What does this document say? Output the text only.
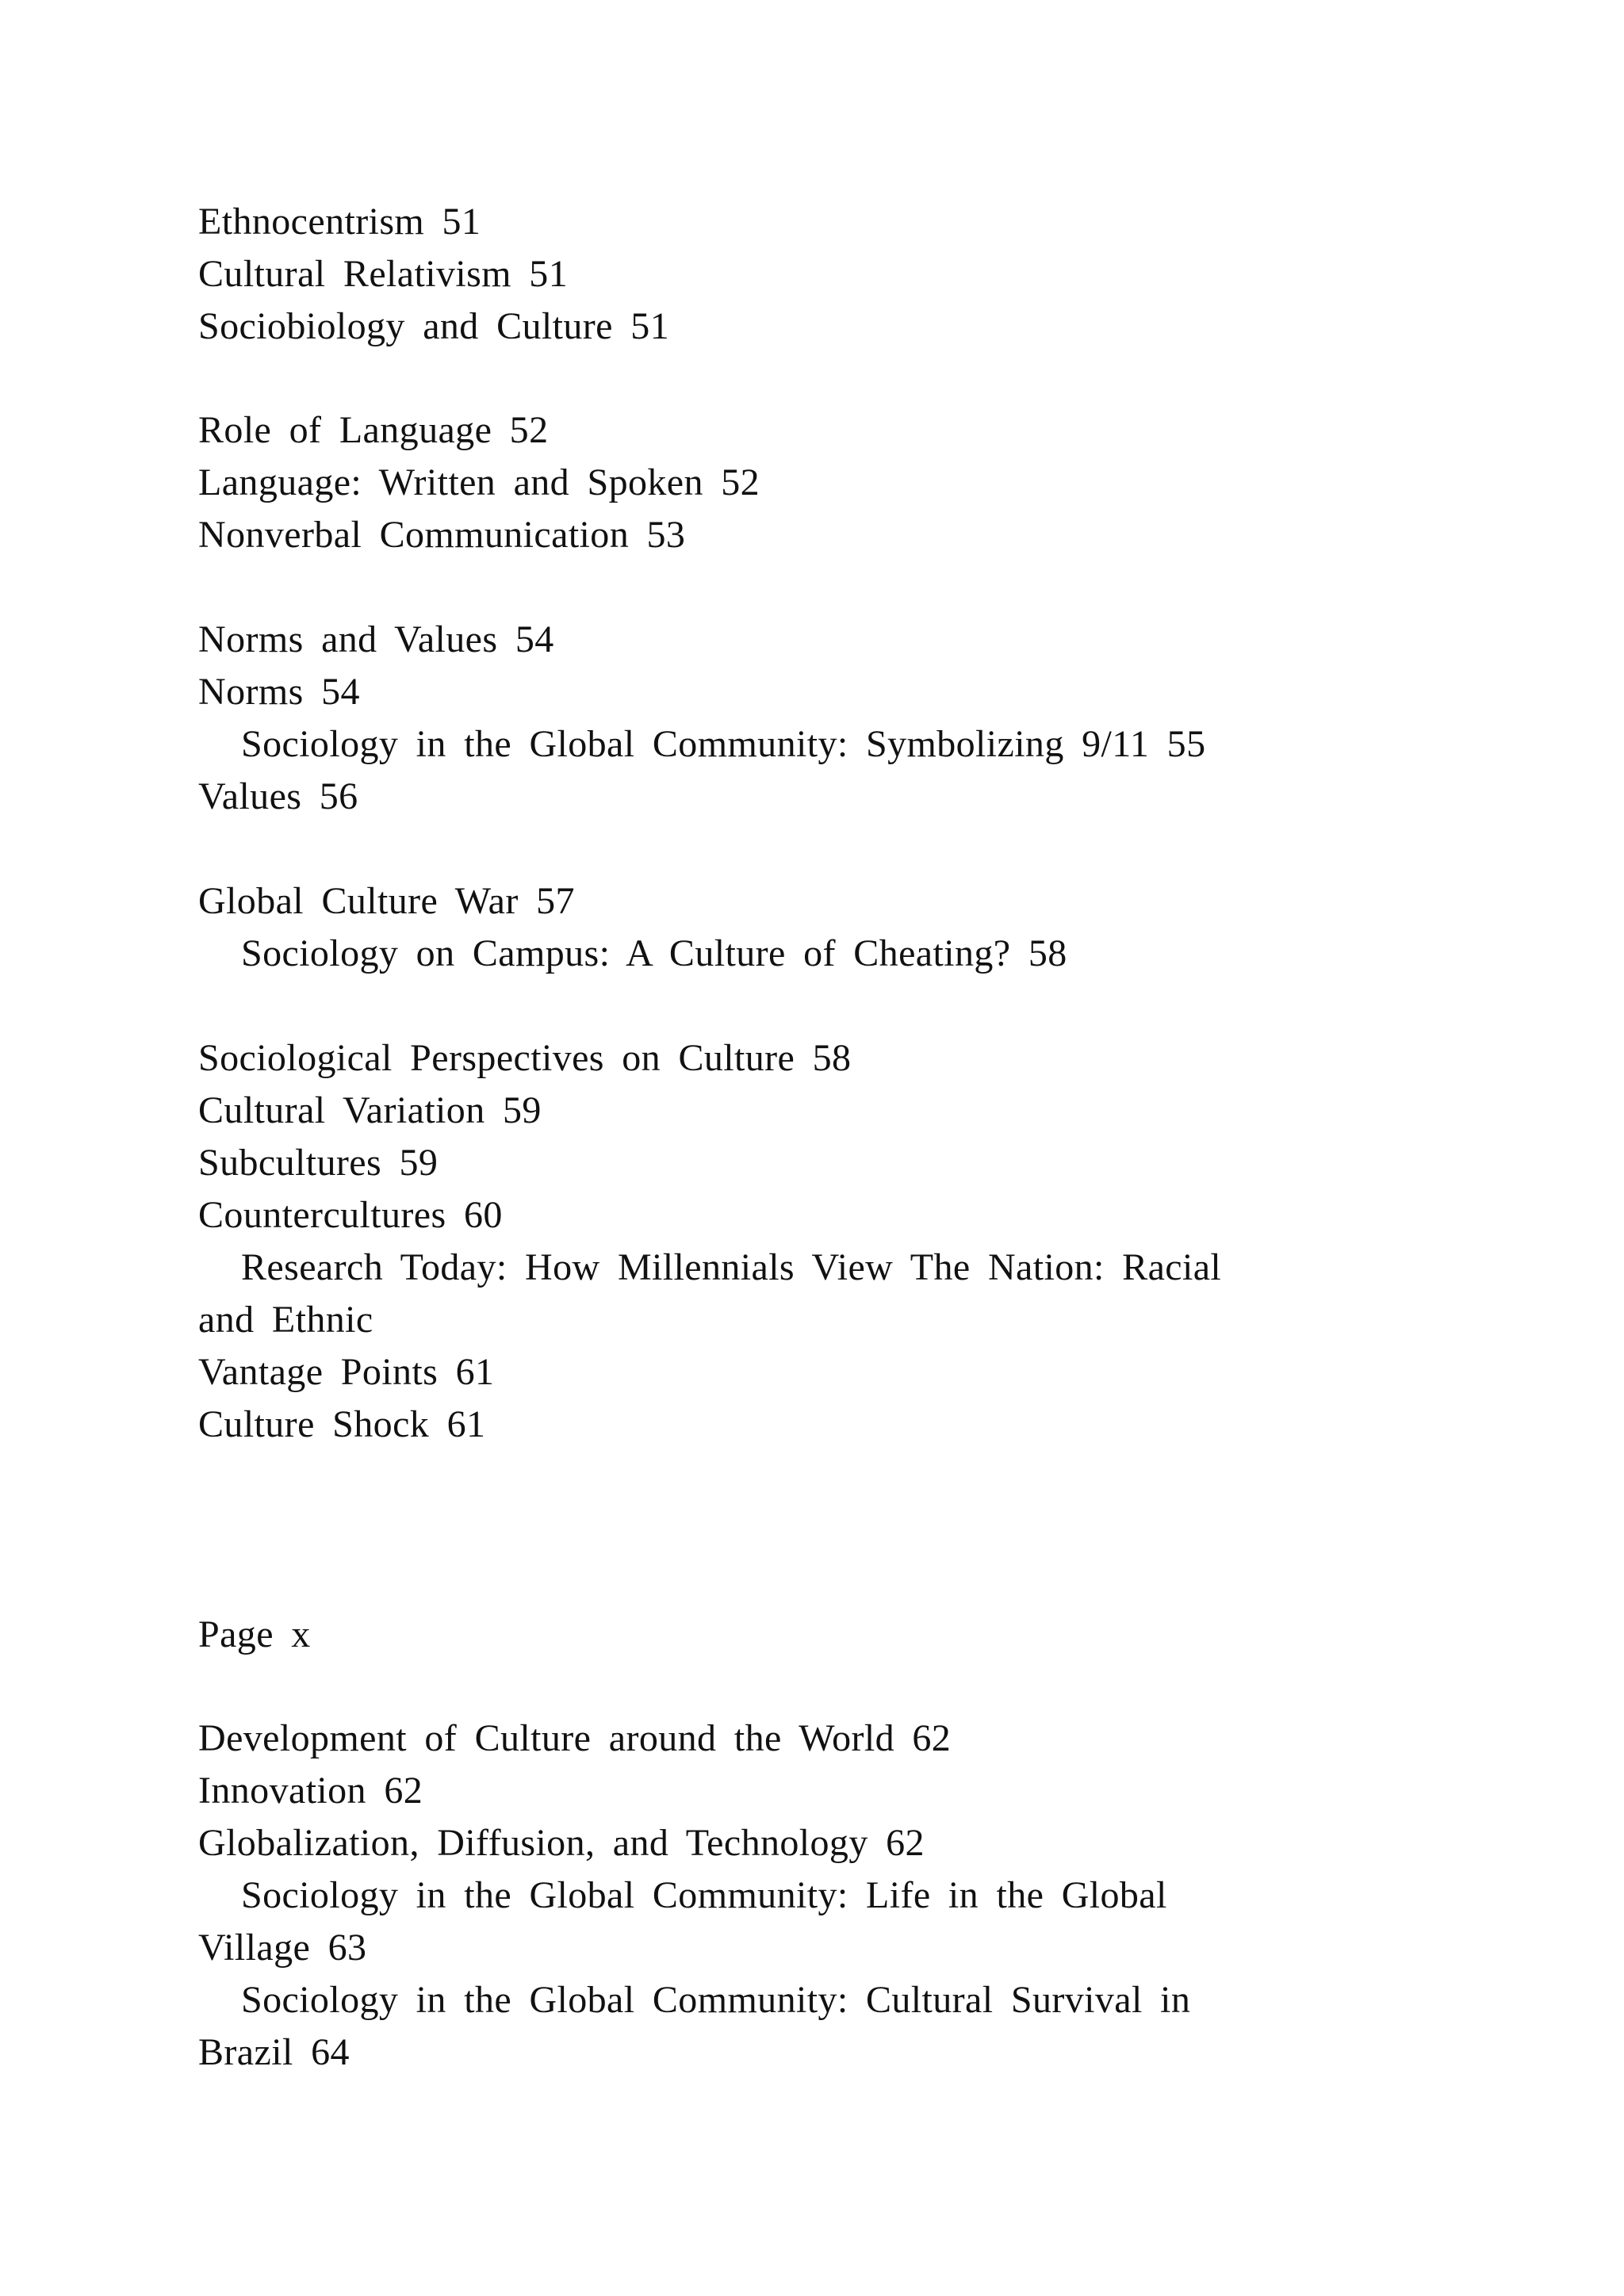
Ethnocentrism 51
Cultural Relativism 51
Sociobiology and Culture 51
Role of Language 52
Language: Written and Spoken 52
Nonverbal Communication 53
Norms and Values 54
Norms 54
Sociology in the Global Community: Symbolizing 9/11 55
Values 56
Global Culture War 57
Sociology on Campus: A Culture of Cheating? 58
Sociological Perspectives on Culture 58
Cultural Variation 59
Subcultures 59
Countercultures 60
Research Today: How Millennials View The Nation: Racial
and Ethnic
Vantage Points 61
Culture Shock 61
Page x
Development of Culture around the World 62
Innovation 62
Globalization, Diffusion, and Technology 62
Sociology in the Global Community: Life in the Global
Village 63
Sociology in the Global Community: Cultural Survival in
Brazil 64
